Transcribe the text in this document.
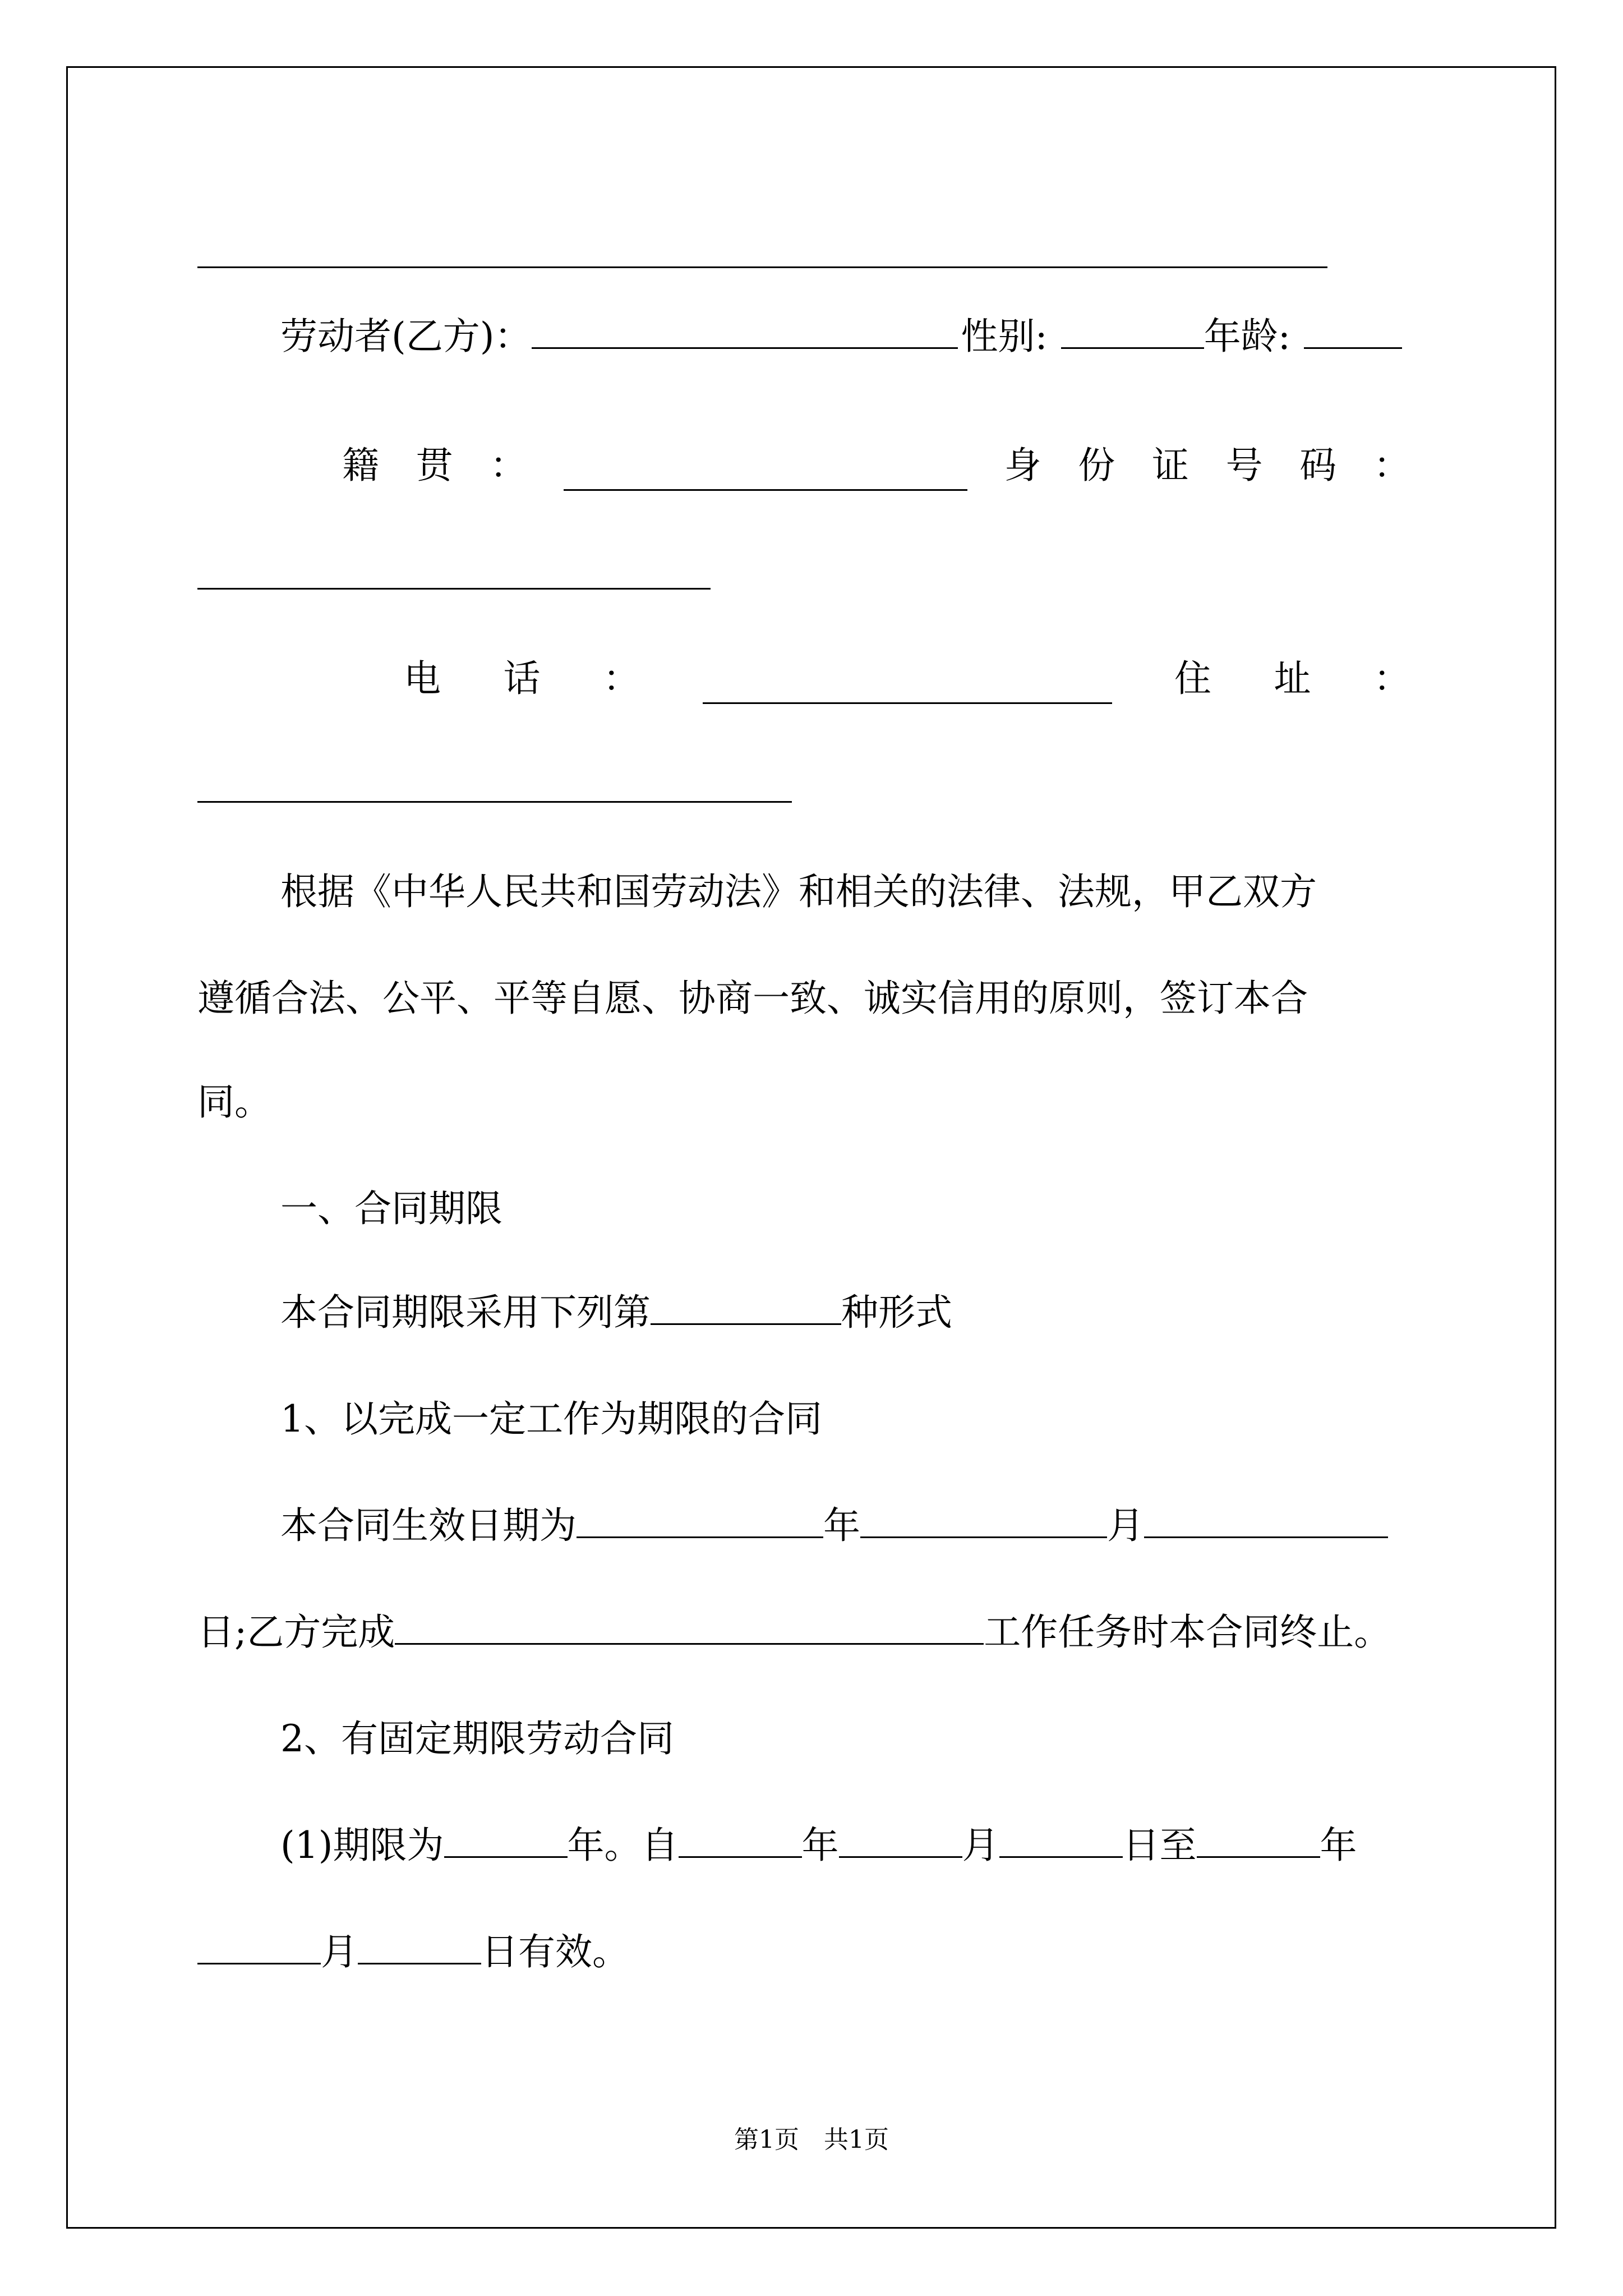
劳动者(乙方)：	性别:	年龄:
籍 贯 ：	身 份 证 号 码 ：
电 话 ：	住 址 ：
根据《中华人民共和国劳动法》和相关的法律、法规，甲乙双方
遵循合法、公平、平等自愿、协商一致、诚实信用的原则，签订本合
同。
一、合同期限
本合同期限采用下列第	种形式
1、以完成一定工作为期限的合同
本合同生效日期为	年	月
日;乙方完成	工作任务时本合同终止。
2、有固定期限劳动合同
(1)期限为	年。自	年	月	日至	年
月	日有效。
第1页　共1页
